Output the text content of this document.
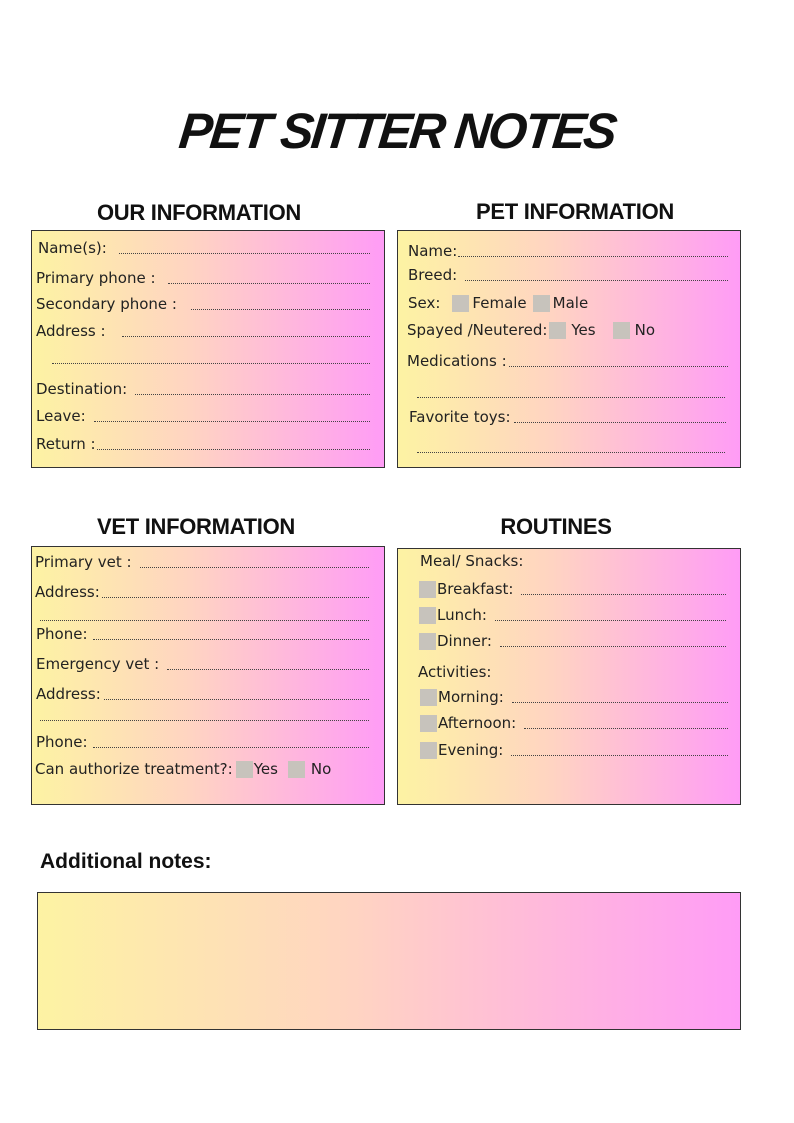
PET SITTER NOTES
OUR INFORMATION
Name(s):
Primary phone :
Secondary phone :
Address :
Destination:
Leave:
Return :
PET INFORMATION
Name:
Breed:
Sex: Female Male
Spayed /Neutered: Yes	No
Medications :
Favorite toys:
VET INFORMATION
Primary vet :
Address:
Phone:
Emergency vet :
Address:
Phone:
Can authorize treatment?: Yes No
ROUTINES
Meal/ Snacks:
Breakfast:
Lunch:
Dinner:
Activities:
Morning:
Afternoon:
Evening:
Additional notes:
